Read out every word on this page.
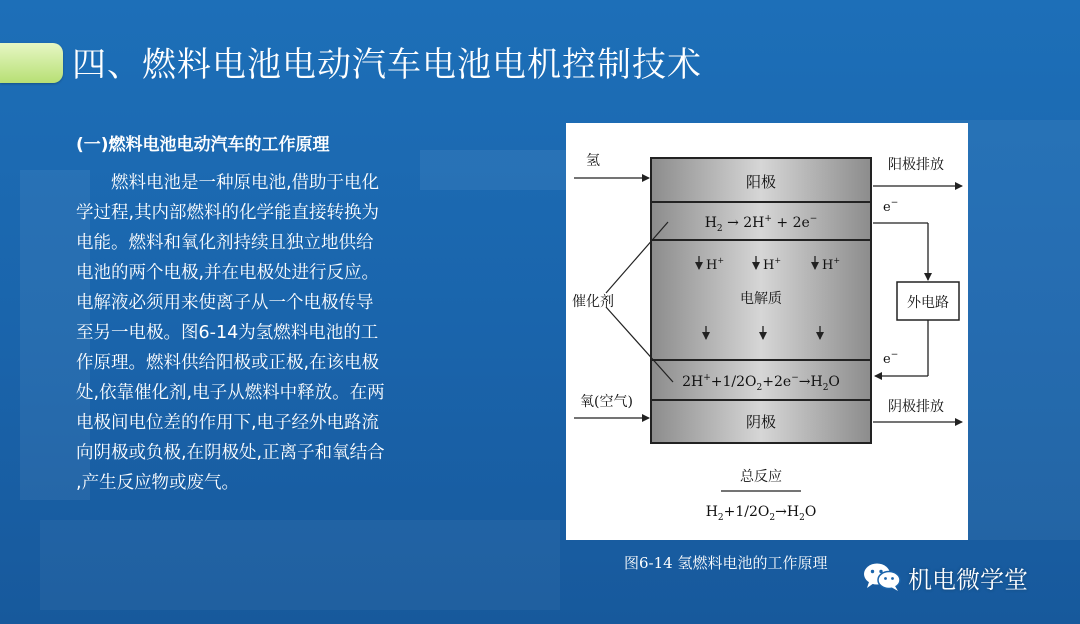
四、燃料电池电动汽车电池电机控制技术
(一)燃料电池电动汽车的工作原理
　　燃料电池是一种原电池,借助于电化
学过程,其内部燃料的化学能直接转换为
电能。燃料和氧化剂持续且独立地供给
电池的两个电极,并在电极处进行反应。
电解液必须用来使离子从一个电极传导
至另一电极。图6-14为氢燃料电池的工
作原理。燃料供给阳极或正极,在该电极
处,依靠催化剂,电子从燃料中释放。在两
电极间电位差的作用下,电子经外电路流
向阴极或负极,在阴极处,正离子和氧结合
,产生反应物或废气。
阳极
$H_2 \to 2H^+ + 2e^-$
电解质
$2H^++1/2O_2+2e^-\to H_2O$
阴极
H+	H+	H+
氢	阳极排放
e−
外电路
e−
催化剂
氧(空气)	阴极排放
总反应
$H_2+1/2O_2\to H_2O$
图6-14 氢燃料电池的工作原理
机电微学堂
